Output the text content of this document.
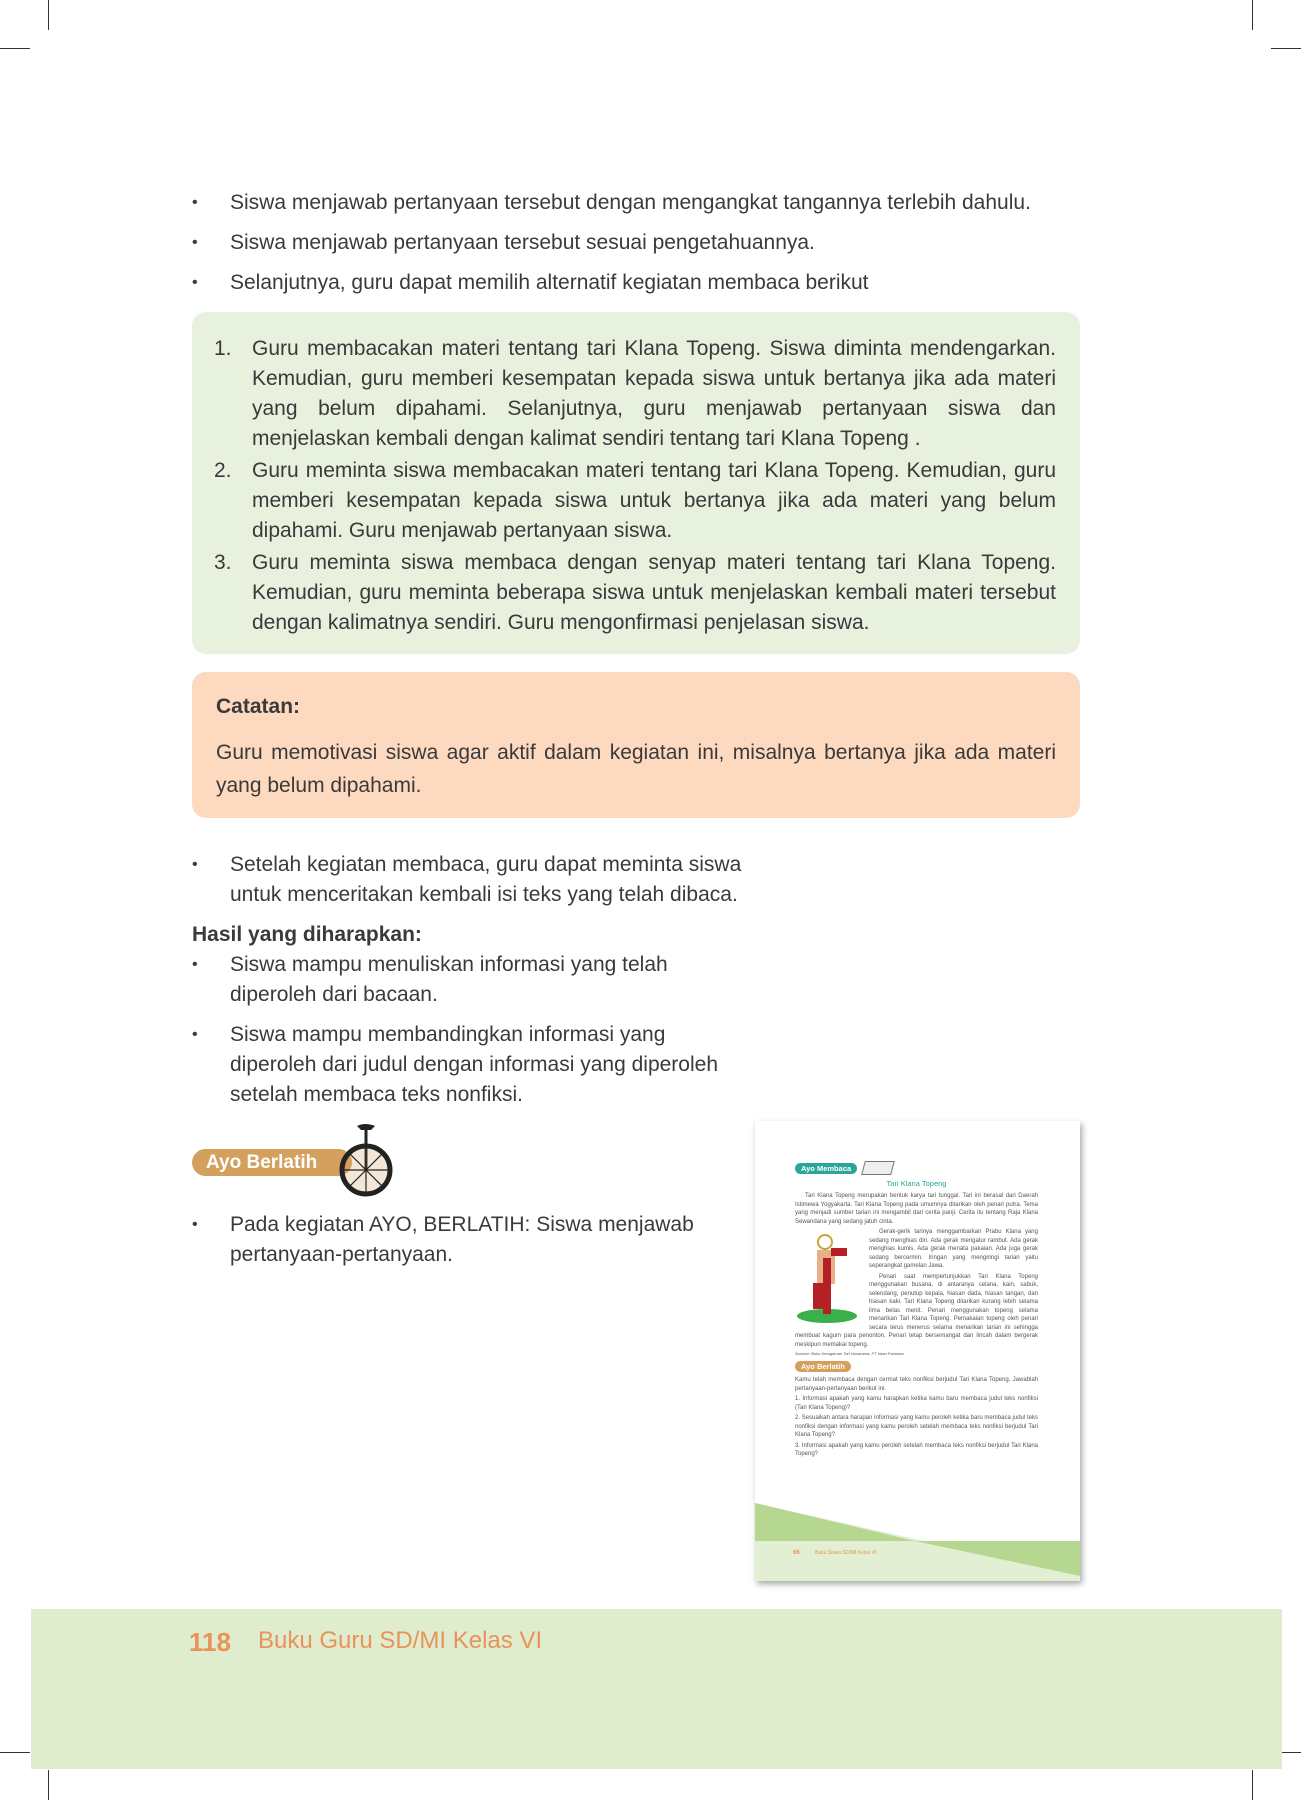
• Siswa menjawab pertanyaan tersebut dengan mengangkat tangannya terlebih dahulu.
• Siswa menjawab pertanyaan tersebut sesuai pengetahuannya.
• Selanjutnya, guru dapat memilih alternatif kegiatan membaca berikut
1. Guru membacakan materi tentang tari Klana Topeng. Siswa diminta mendengarkan. Kemudian, guru memberi kesempatan kepada siswa untuk bertanya jika ada materi yang belum dipahami. Selanjutnya, guru menjawab pertanyaan siswa dan menjelaskan kembali dengan kalimat sendiri tentang tari Klana Topeng .
2. Guru meminta siswa membacakan materi tentang tari Klana Topeng. Kemudian, guru memberi kesempatan kepada siswa untuk bertanya jika ada materi yang belum dipahami. Guru menjawab pertanyaan siswa.
3. Guru meminta siswa membaca dengan senyap materi tentang tari Klana Topeng. Kemudian, guru meminta beberapa siswa untuk menjelaskan kembali materi tersebut dengan kalimatnya sendiri. Guru mengonfirmasi penjelasan siswa.
Catatan:

Guru memotivasi siswa agar aktif dalam kegiatan ini, misalnya bertanya jika ada materi yang belum dipahami.

• Setelah kegiatan membaca, guru dapat meminta siswa untuk menceritakan kembali isi teks yang telah dibaca.
Hasil yang diharapkan:
• Siswa mampu menuliskan informasi yang telah diperoleh dari bacaan.
• Siswa mampu membandingkan informasi yang diperoleh dari judul dengan informasi yang diperoleh setelah membaca teks nonfiksi.
Ayo Berlatih
• Pada kegiatan AYO, BERLATIH: Siswa menjawab pertanyaan-pertanyaan.
Ayo Membaca
Tari Klana Topeng

Tari Klana Topeng merupakan bentuk karya tari tunggal. Tari ini berasal dari Daerah Istimewa Yogyakarta. Tari Klana Topeng pada umumnya ditarikan oleh penari putra. Tema yang menjadi sumber tarian ini mengambil dari cerita panji. Cerita itu tentang Raja Klana Sewandana yang sedang jatuh cinta.

Gerak-gerik tarinya menggambarkan Prabu Klana yang sedang menghias diri. Ada gerak mengatur rambut. Ada gerak menghias kumis. Ada gerak menata pakaian. Ada juga gerak sedang bercermin. Iringan yang mengiringi tarian yaitu seperangkat gamelan Jawa.

Penari saat mempertunjukkan Tari Klana Topeng menggunakan busana, di antaranya celana, kain, sabuk, selendang, penutup kepala, hiasan dada, hiasan tangan, dan hiasan kaki. Tari Klana Topeng ditarikan kurang lebih selama lima belas menit. Penari menggunakan topeng selama menarikan Tari Klana Topeng. Pemakaian topeng oleh penari secara terus menerus selama menarikan tarian ini sehingga membuat kagum para penonton. Penari tetap bersemangat dan lincah dalam bergerak meskipun memakai topeng.

Sumber: Buku Keragaman Tari Nusantara, PT Intan Pariwara
Ayo Berlatih

Kamu telah membaca dengan cermat teks nonfiksi berjudul Tari Klana Topeng. Jawablah pertanyaan-pertanyaan berikut ini.

1. Informasi apakah yang kamu harapkan ketika kamu baru membaca judul teks nonfiksi (Tari Klana Topeng)?

2. Sesuaikah antara harapan informasi yang kamu peroleh ketika baru membaca judul teks nonfiksi dengan informasi yang kamu peroleh setelah membaca teks nonfiksi berjudul Tari Klana Topeng?

3. Informasi apakah yang kamu peroleh setelah membaca teks nonfiksi berjudul Tari Klana Topeng?

66	Buku Siswa SD/MI Kelas VI
118 Buku Guru SD/MI Kelas VI
